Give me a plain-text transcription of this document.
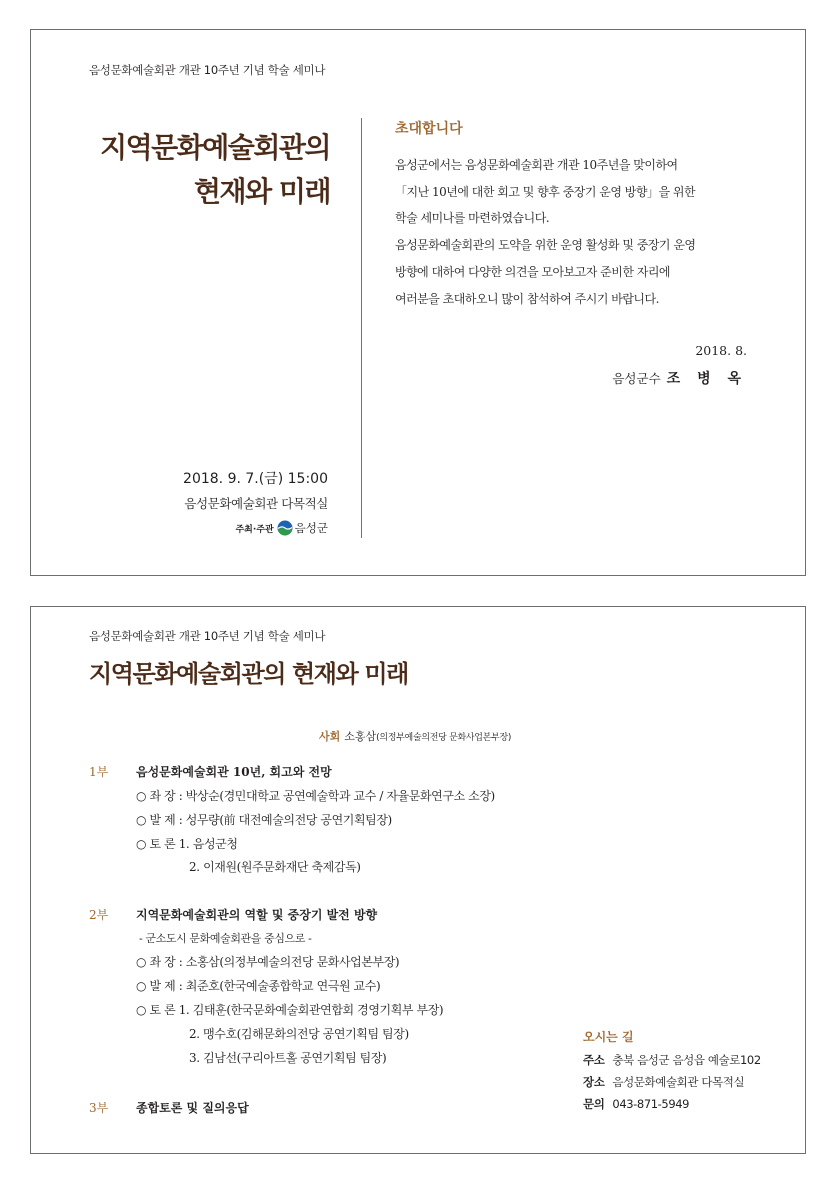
음성문화예술회관 개관 10주년 기념 학술 세미나
지역문화예술회관의
현재와 미래
초대합니다
음성군에서는 음성문화예술회관 개관 10주년을 맞이하여
「지난 10년에 대한 회고 및 향후 중장기 운영 방향」을 위한
학술 세미나를 마련하였습니다.
음성문화예술회관의 도약을 위한 운영 활성화 및 중장기 운영
방향에 대하여 다양한 의견을 모아보고자 준비한 자리에
여러분을 초대하오니 많이 참석하여 주시기 바랍니다.
2018. 8.
음성군수 조 병 옥
2018. 9. 7.(금) 15:00
음성문화예술회관 다목적실
주최·주관 음성군
음성문화예술회관 개관 10주년 기념 학술 세미나
지역문화예술회관의 현재와 미래
사회 소홍삼(의정부예술의전당 문화사업본부장)
1부 음성문화예술회관 10년, 회고와 전망
○ 좌 장 : 박상순(경민대학교 공연예술학과 교수 / 자율문화연구소 소장)
○ 발 제 : 성무량(前 대전예술의전당 공연기획팀장)
○ 토 론 1. 음성군청
2. 이재원(원주문화재단 축제감독)
2부 지역문화예술회관의 역할 및 중장기 발전 방향
- 군소도시 문화예술회관을 중심으로 -
○ 좌 장 : 소홍삼(의정부예술의전당 문화사업본부장)
○ 발 제 : 최준호(한국예술종합학교 연극원 교수)
○ 토 론 1. 김태훈(한국문화예술회관연합회 경영기획부 부장)
2. 맹수호(김해문화의전당 공연기획팀 팀장)
3. 김남선(구리아트홀 공연기획팀 팀장)
3부 종합토론 및 질의응답
오시는 길
주소 충북 음성군 음성읍 예술로102
장소 음성문화예술회관 다목적실
문의 043-871-5949
